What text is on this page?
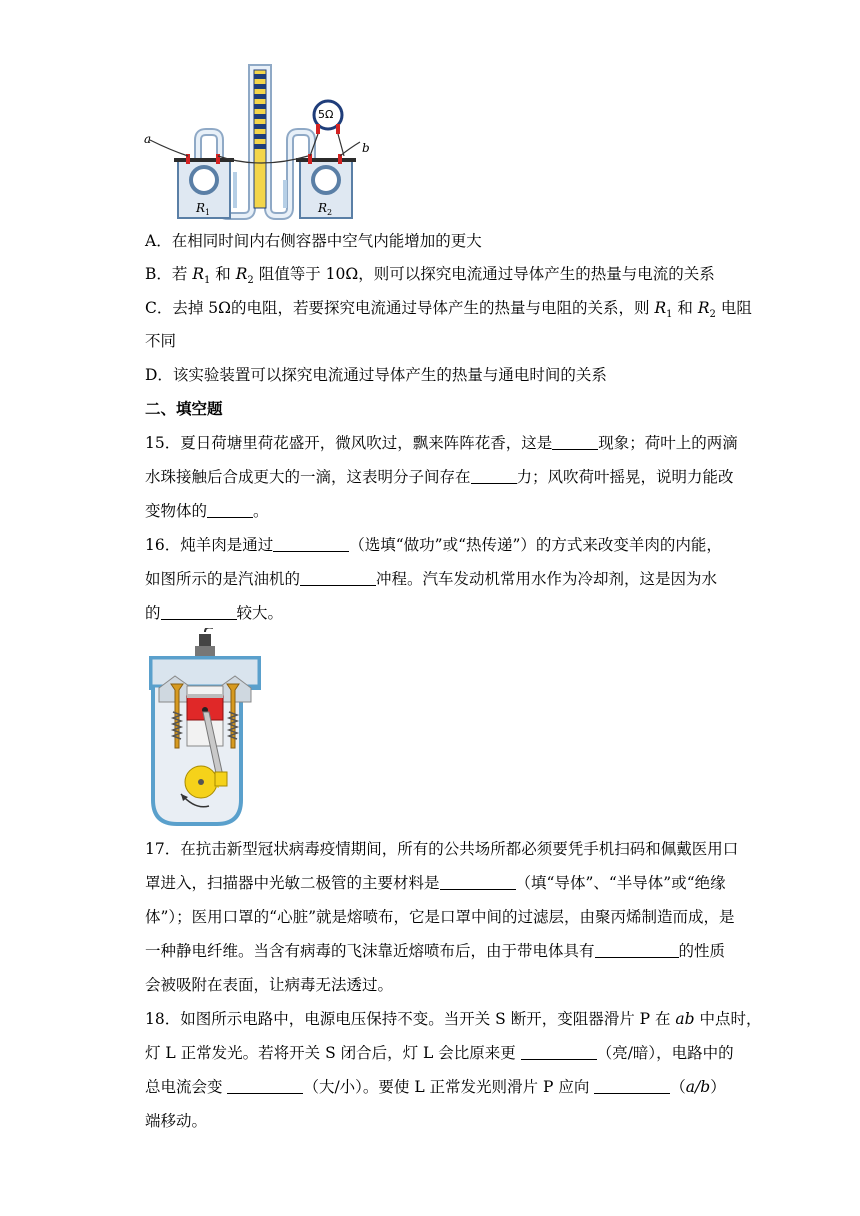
a
b
5Ω
$R_1$	$R_2$
A．在相同时间内右侧容器中空气内能增加的更大
B．若 $R_1$ 和 $R_2$ 阻值等于 10Ω，则可以探究电流通过导体产生的热量与电流的关系
C．去掉 5Ω的电阻，若要探究电流通过导体产生的热量与电阻的关系，则 $R_1$ 和 $R_2$ 电阻
不同
D．该实验装置可以探究电流通过导体产生的热量与通电时间的关系
二、填空题
15．夏日荷塘里荷花盛开，微风吹过，飘来阵阵花香，这是	现象；荷叶上的两滴
水珠接触后合成更大的一滴，这表明分子间存在	力；风吹荷叶摇晃，说明力能改
变物体的	。
16．炖羊肉是通过	（选填“做功”或“热传递”）的方式来改变羊肉的内能，
如图所示的是汽油机的	冲程。汽车发动机常用水作为冷却剂，这是因为水
的	较大。
17．在抗击新型冠状病毒疫情期间，所有的公共场所都必须要凭手机扫码和佩戴医用口
罩进入，扫描器中光敏二极管的主要材料是	（填“导体”、“半导体”或“绝缘
体”）；医用口罩的“心脏”就是熔喷布，它是口罩中间的过滤层，由聚丙烯制造而成，是
一种静电纤维。当含有病毒的飞沫靠近熔喷布后，由于带电体具有	的性质
会被吸附在表面，让病毒无法透过。
18．如图所示电路中，电源电压保持不变。当开关 S 断开，变阻器滑片 P 在 ab 中点时，
灯 L 正常发光。若将开关 S 闭合后，灯 L 会比原来更	（亮/暗），电路中的
总电流会变	（大/小）。要使 L 正常发光则滑片 P 应向	（a/b）
端移动。
